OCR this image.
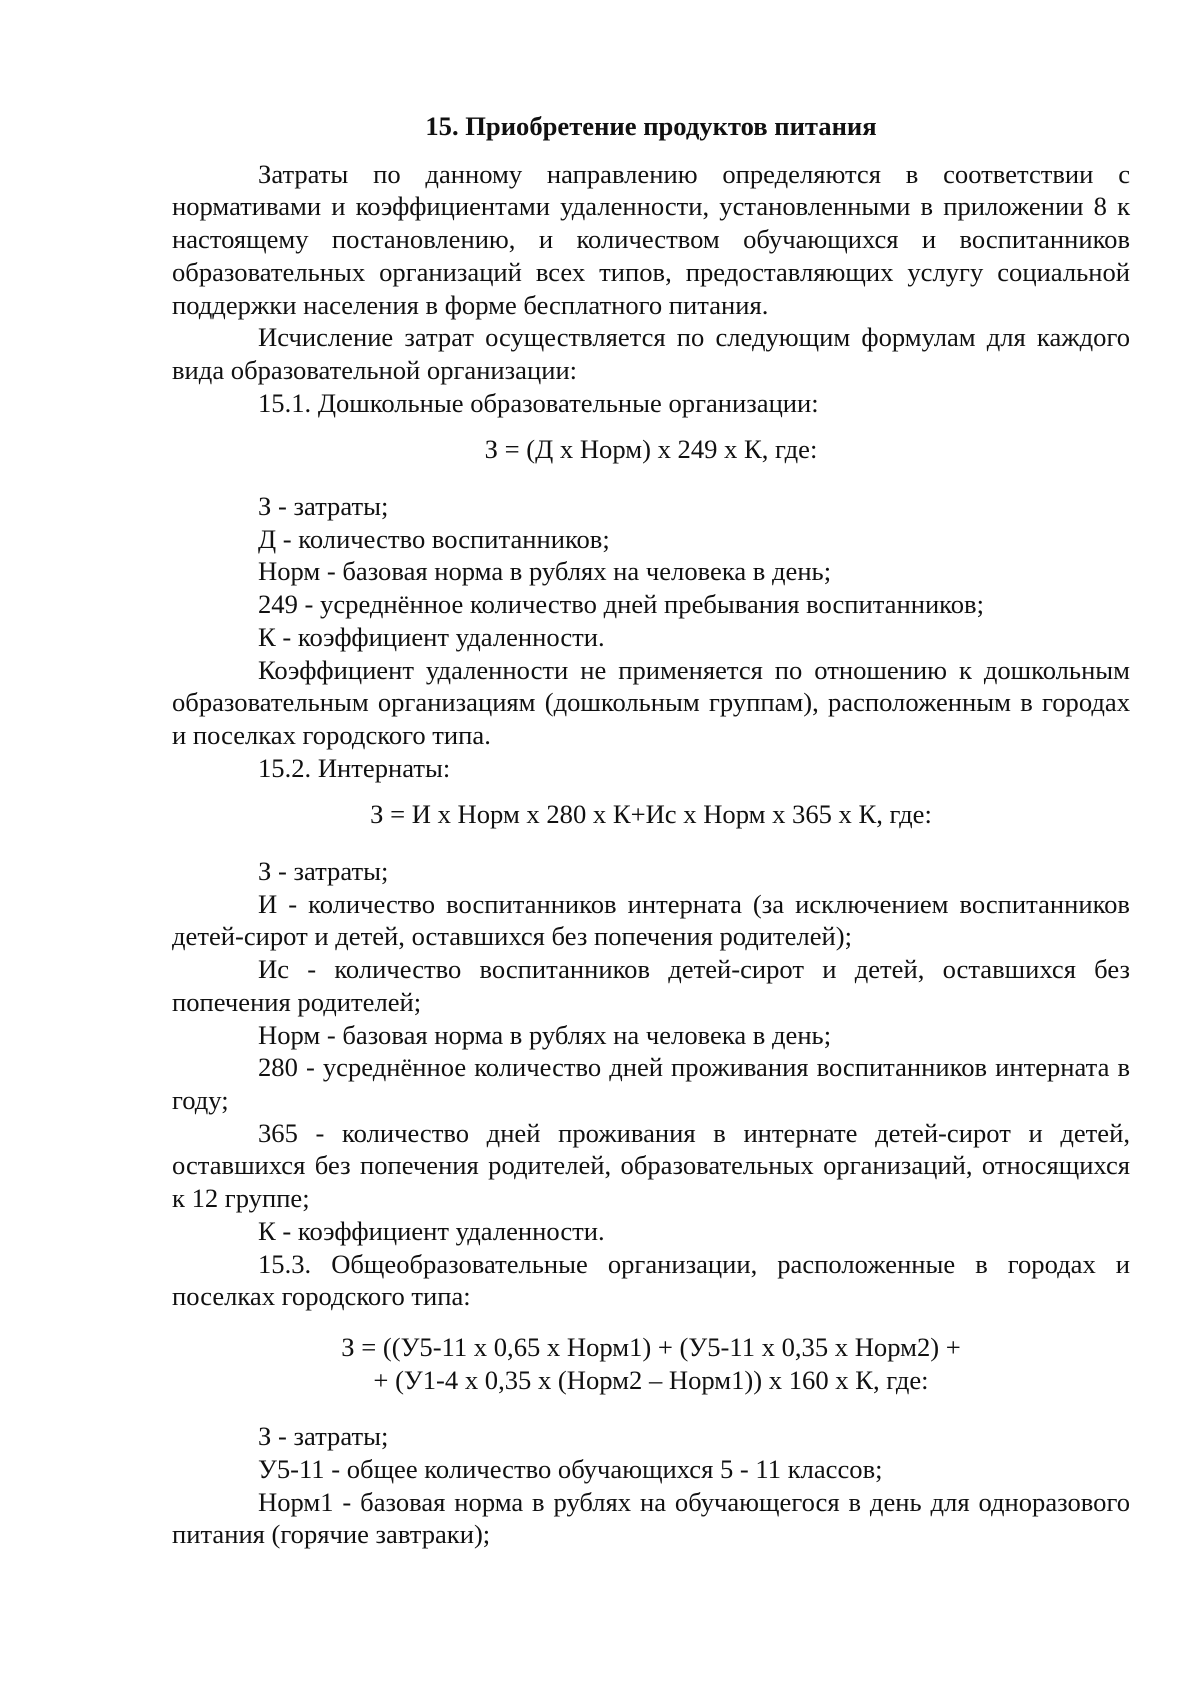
15. Приобретение продуктов питания

Затраты по данному направлению определяются в соответствии с нормативами и коэффициентами удаленности, установленными в приложении 8 к настоящему постановлению, и количеством обучающихся и воспитанников образовательных организаций всех типов, предоставляющих услугу социальной поддержки населения в форме бесплатного питания.

Исчисление затрат осуществляется по следующим формулам для каждого вида образовательной организации:

15.1. Дошкольные образовательные организации:

З = (Д х Норм) х 249 х К, где:

З - затраты;

Д - количество воспитанников;

Норм - базовая норма в рублях на человека в день;

249 - усреднённое количество дней пребывания воспитанников;

К - коэффициент удаленности.

Коэффициент удаленности не применяется по отношению к дошкольным образовательным организациям (дошкольным группам), расположенным в городах и поселках городского типа.

15.2. Интернаты:

З = И х Норм х 280 х К+Ис х Норм х 365 х К, где:

З - затраты;

И - количество воспитанников интерната (за исключением воспитанников детей-сирот и детей, оставшихся без попечения родителей);

Ис - количество воспитанников детей-сирот и детей, оставшихся без попечения родителей;

Норм - базовая норма в рублях на человека в день;

280 - усреднённое количество дней проживания воспитанников интерната в году;

365 - количество дней проживания в интернате детей-сирот и детей, оставшихся без попечения родителей, образовательных организаций, относящихся к 12 группе;

К - коэффициент удаленности.

15.3. Общеобразовательные организации, расположенные в городах и поселках городского типа:

З = ((У5-11 х 0,65 х Норм1) + (У5-11 х 0,35 х Норм2) +
+ (У1-4 х 0,35 х (Норм2 – Норм1)) х 160 х К, где:

З - затраты;

У5-11 - общее количество обучающихся 5 - 11 классов;

Норм1 - базовая норма в рублях на обучающегося в день для одноразового питания (горячие завтраки);
